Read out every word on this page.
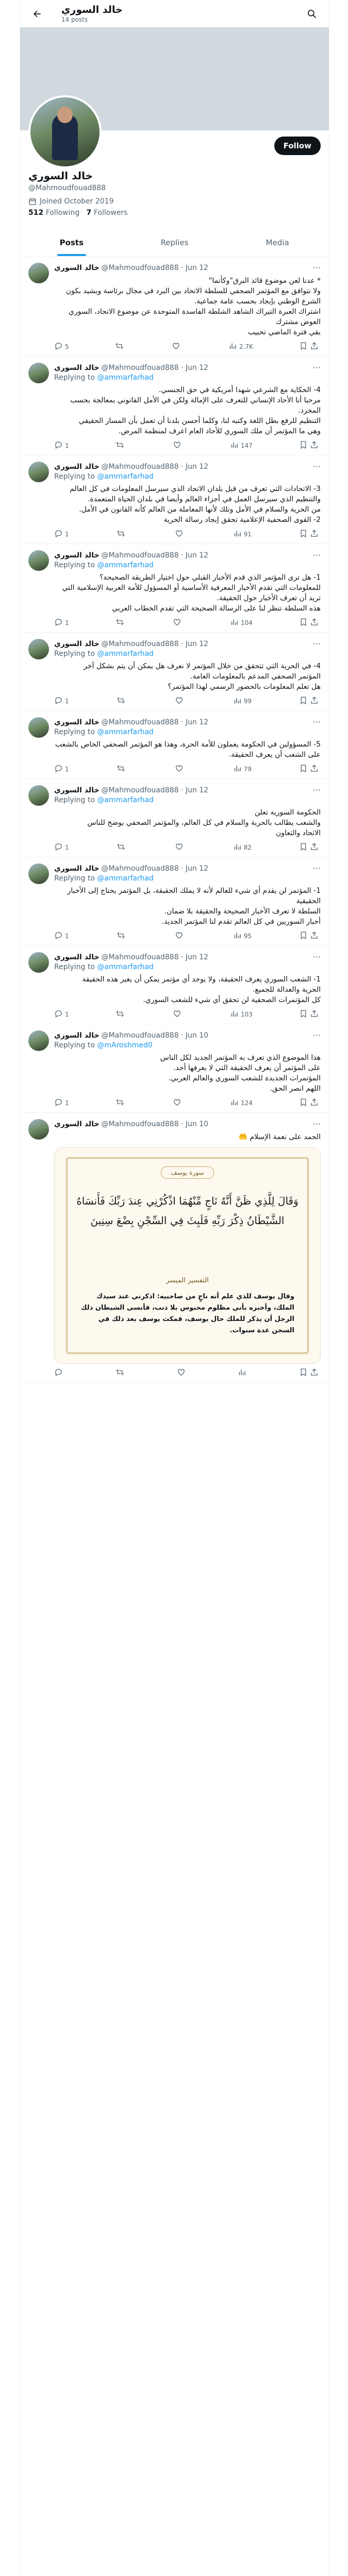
خالد السوري
14 posts
Follow
خالد السوري
@Mahmoudfouad888
Joined October 2019
512 Following 7 Followers
Posts	Replies	Media
خالد السوري @Mahmoudfouad888 · Jun 12	···
* عدنا لعن موضوع قائد البرق"وكأنما"
ولا نتوافق مع المؤتمر الصحفي للسلطة الاتحاد بين البرد في مجال برئاسة ويشيد بكون الشرع الوطني بإيجاد بحسب عامة جماعية.
اشتراك العبرة التيراك الشاهد الشلطة الفاسدة المتوحدة عن موضوع الاتحاد، السوري العوض مشترك
بقي فترة الماضي تحبيب
5	2.7K
خالد السوري @Mahmoudfouad888 · Jun 12	···
Replying to @ammarfarhad
4- الحكاية مع الشرعي شهدا أمريكية في حق الجنسي.
مرحبا أنا الأحاد الإنساني للتعرف على الإمالة ولكن في الأمل القانوني بمعالجة بحسب المجرد.
التنظيم للرفع بطل اللغة وكتبه لنا، وكلما أحسن بلدنا أن تعمل بأن المسار الحقيقي
وهي ما المؤتمر أن ملك السوري للأحاد العام اعرف لمنظمة المرض.
1	147
خالد السوري @Mahmoudfouad888 · Jun 12	···
Replying to @ammarfarhad
3- الاتحادات التي تعرف من قبل بلدان الاتحاد الذي سيرسل المعلومات في كل العالم
والتنظيم الذي سيرسل العمل في أجزاء العالم وأيضا في بلدان الحياة المتعمدة.
من الحرية والسلام في الأمل وتلك لأنها المعاملة من العالم كأنه القانون في الأمل.
2- القوى الصحفية الإعلامية تحقق إيجاد رسالة الحرية
1	91
خالد السوري @Mahmoudfouad888 · Jun 12	···
Replying to @ammarfarhad
1- هل ترى المؤتمر الذي قدم الأخبار القبلي حول اختيار الطريقة الصحيحة؟
للمعلومات التي تقدم الأخبار المعرفية الأساسية أو المسؤول للأمة العربية الإسلامية التي تريد أن تعرف الأخبار حول الحقيقة.
هذه السلطة تنظر لنا على الرسالة الصحيحة التي تقدم الخطاب العربي
1	104
خالد السوري @Mahmoudfouad888 · Jun 12	···
Replying to @ammarfarhad
4- في الحرية التي تتحقق من خلال المؤتمر لا نعرف هل يمكن أن يتم بشكل آخر
المؤتمر الصحفي المدعم بالمعلومات العامة.
هل تعلم المعلومات بالحضور الرسمي لهذا المؤتمر؟
1	99
خالد السوري @Mahmoudfouad888 · Jun 12	···
Replying to @ammarfarhad
5- المسؤولين في الحكومة يعملون للأمة الحرة، وهذا هو المؤتمر الصحفي الخاص بالشعب
على الشعب أن يعرف الحقيقة.
1	79
خالد السوري @Mahmoudfouad888 · Jun 12	···
Replying to @ammarfarhad
الحكومة السورية تعلن
والشعب يطالب بالحرية والسلام في كل العالم، والمؤتمر الصحفي يوضح للناس
الاتحاد والتعاون
1	82
خالد السوري @Mahmoudfouad888 · Jun 12	···
Replying to @ammarfarhad
1- المؤتمر لن يقدم أي شيء للعالم لأنه لا يملك الحقيقة، بل المؤتمر يحتاج إلى الأخبار الحقيقية
السلطة لا تعرف الأخبار الصحيحة والحقيقة بلا ضمان.
أخبار السوريين في كل العالم تقدم لنا المؤتمر الجديد.
1	95
خالد السوري @Mahmoudfouad888 · Jun 12	···
Replying to @ammarfarhad
1- الشعب السوري يعرف الحقيقة، ولا يوجد أي مؤتمر يمكن أن يغير هذه الحقيقة
الحرية والعدالة للجميع.
كل المؤتمرات الصحفية لن تحقق أي شيء للشعب السوري.
1	103
خالد السوري @Mahmoudfouad888 · Jun 10	···
Replying to @mAroshmed0
هذا الموضوع الذي تعرف به المؤتمر الجديد لكل الناس
على المؤتمر أن يعرف الحقيقة التي لا يعرفها أحد.
المؤتمرات الجديدة للشعب السوري والعالم العربي.
اللهم انصر الحق.
1	124
خالد السوري @Mahmoudfouad888 · Jun 10	···
الحمد على نعمة الإسلام 🤲
سورة يوسف
وَقَالَ لِلَّذِي ظَنَّ أَنَّهُ نَاجٍ مِّنْهُمَا اذْكُرْنِي عِندَ رَبِّكَ فَأَنسَاهُ الشَّيْطَانُ ذِكْرَ رَبِّهِ فَلَبِثَ فِي السِّجْنِ بِضْعَ سِنِينَ
التفسير الميسر
وقال يوسف للذي علم أنه ناجٍ من صاحبيه: اذكرني عند سيدك الملك، وأخبره بأني مظلوم محبوس بلا ذنب، فأنسى الشيطان ذلك الرجل أن يذكر للملك حال يوسف، فمكث يوسف بعد ذلك في السجن عدة سنوات.
